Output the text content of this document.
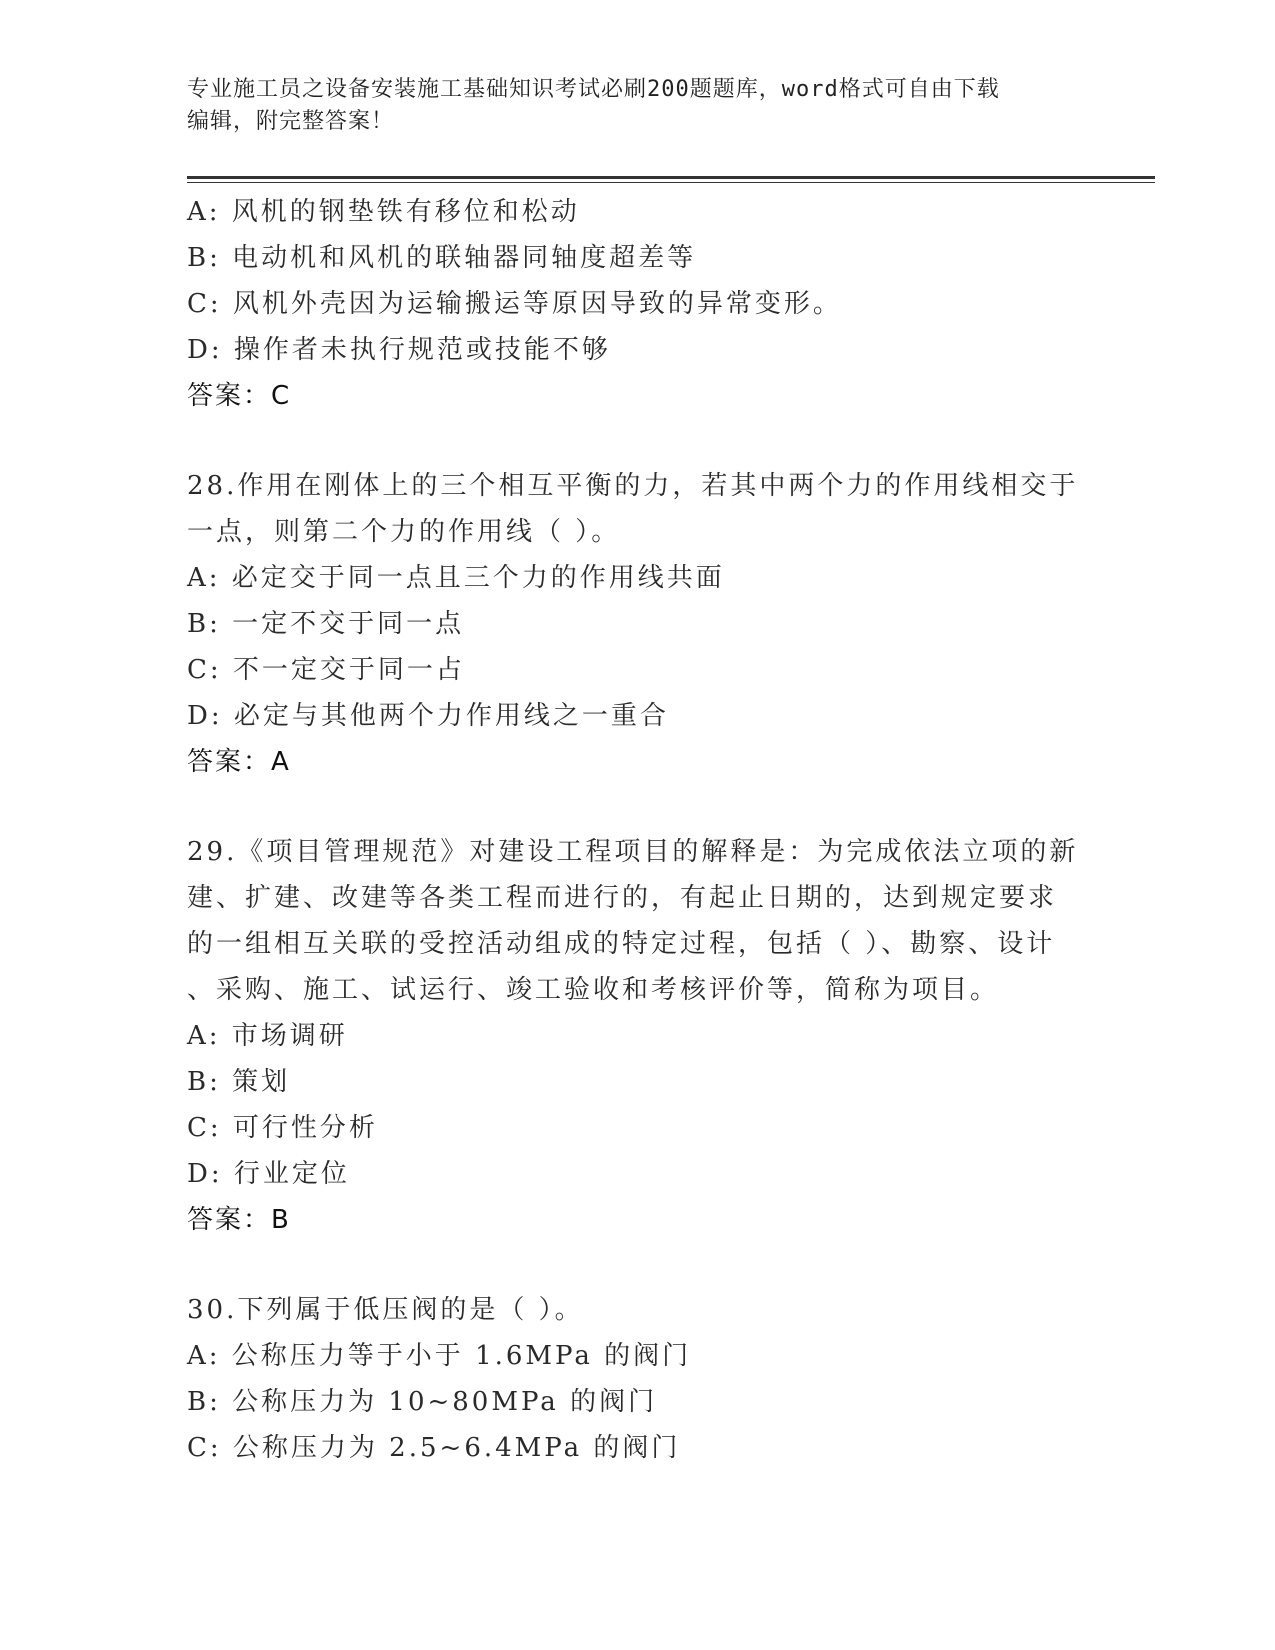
专业施工员之设备安装施工基础知识考试必刷200题题库，word格式可自由下载
编辑，附完整答案！
A: 风机的钢垫铁有移位和松动
B: 电动机和风机的联轴器同轴度超差等
C: 风机外壳因为运输搬运等原因导致的异常变形。
D: 操作者未执行规范或技能不够
答案：C
28.作用在刚体上的三个相互平衡的力，若其中两个力的作用线相交于
一点，则第二个力的作用线（ ）。
A: 必定交于同一点且三个力的作用线共面
B: 一定不交于同一点
C: 不一定交于同一占
D: 必定与其他两个力作用线之一重合
答案：A
29.《项目管理规范》对建设工程项目的解释是：为完成依法立项的新
建、扩建、改建等各类工程而进行的，有起止日期的，达到规定要求
的一组相互关联的受控活动组成的特定过程，包括（ ）、勘察、设计
、采购、施工、试运行、竣工验收和考核评价等，简称为项目。
A: 市场调研
B: 策划
C: 可行性分析
D: 行业定位
答案：B
30.下列属于低压阀的是（ ）。
A: 公称压力等于小于 1.6MPa 的阀门
B: 公称压力为 10~80MPa 的阀门
C: 公称压力为 2.5~6.4MPa 的阀门
